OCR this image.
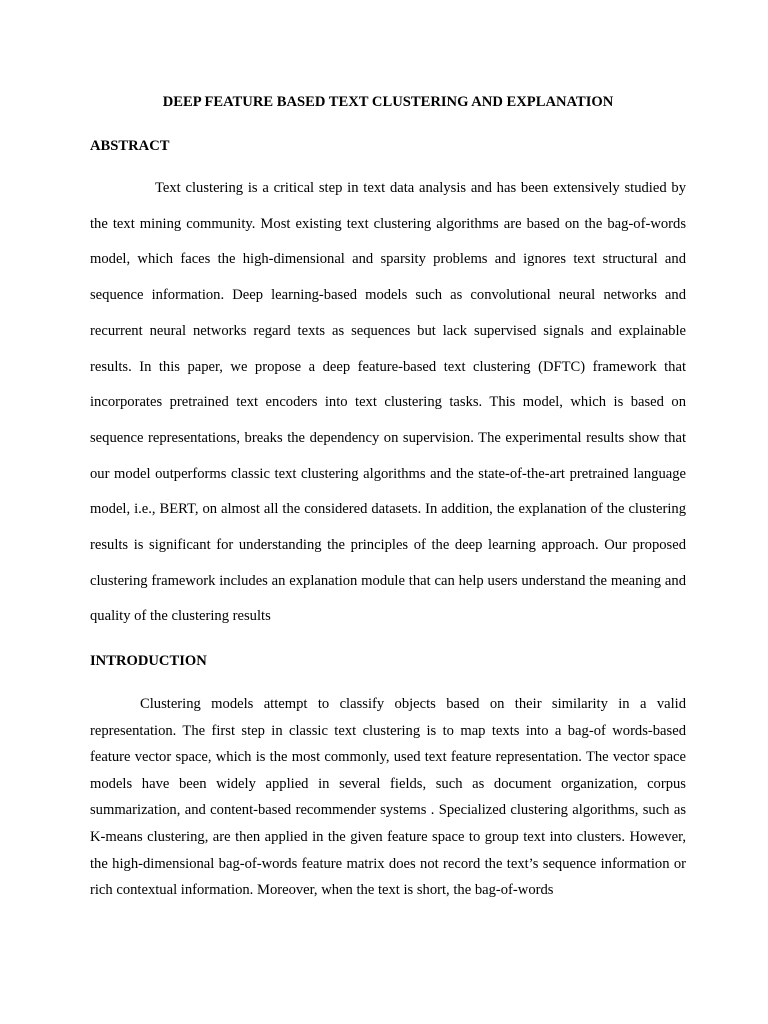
DEEP FEATURE BASED TEXT CLUSTERING AND EXPLANATION
ABSTRACT

Text clustering is a critical step in text data analysis and has been extensively studied by the text mining community. Most existing text clustering algorithms are based on the bag-of-words model, which faces the high-dimensional and sparsity problems and ignores text structural and sequence information. Deep learning-based models such as convolutional neural networks and recurrent neural networks regard texts as sequences but lack supervised signals and explainable results. In this paper, we propose a deep feature-based text clustering (DFTC) framework that incorporates pretrained text encoders into text clustering tasks. This model, which is based on sequence representations, breaks the dependency on supervision. The experimental results show that our model outperforms classic text clustering algorithms and the state-of-the-art pretrained language model, i.e., BERT, on almost all the considered datasets. In addition, the explanation of the clustering results is significant for understanding the principles of the deep learning approach. Our proposed clustering framework includes an explanation module that can help users understand the meaning and quality of the clustering results

INTRODUCTION

Clustering models attempt to classify objects based on their similarity in a valid representation. The first step in classic text clustering is to map texts into a bag-of words-based feature vector space, which is the most commonly, used text feature representation. The vector space models have been widely applied in several fields, such as document organization, corpus summarization, and content-based recommender systems . Specialized clustering algorithms, such as K-means clustering, are then applied in the given feature space to group text into clusters. However, the high-dimensional bag-of-words feature matrix does not record the text’s sequence information or rich contextual information. Moreover, when the text is short, the bag-of-words
